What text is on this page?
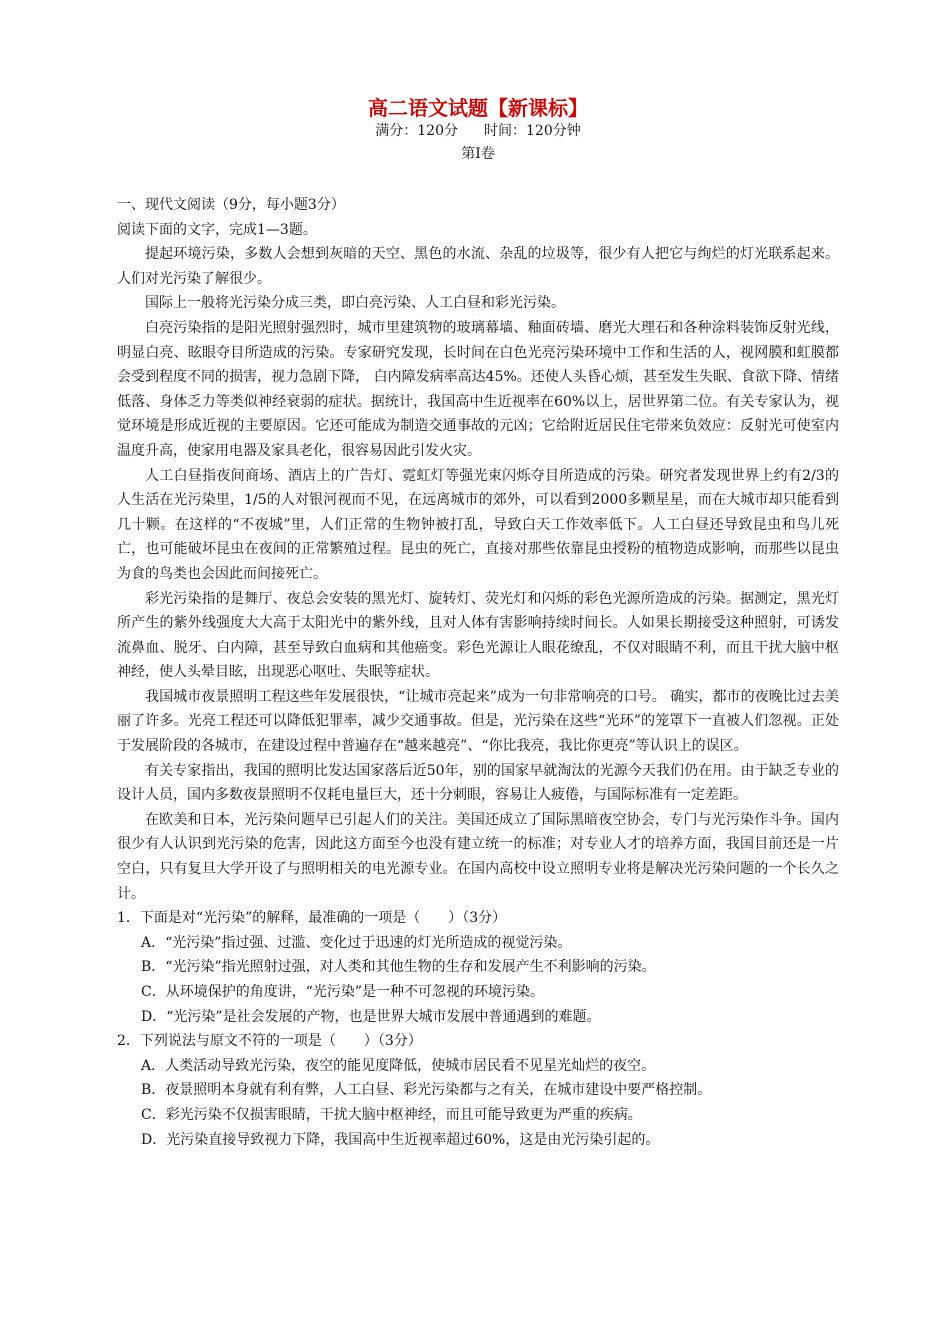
高二语文试题【新课标】

满分：120分 时间：120分钟

第Ⅰ卷

一、现代文阅读（9分，每小题3分）

阅读下面的文字，完成1—3题。

提起环境污染，多数人会想到灰暗的天空、黑色的水流、杂乱的垃圾等，很少有人把它与绚烂的灯光联系起来。人们对光污染了解很少。

国际上一般将光污染分成三类，即白亮污染、人工白昼和彩光污染。

白亮污染指的是阳光照射强烈时，城市里建筑物的玻璃幕墙、釉面砖墙、磨光大理石和各种涂料装饰反射光线，明显白亮、眩眼夺目所造成的污染。专家研究发现，长时间在白色光亮污染环境中工作和生活的人，视网膜和虹膜都会受到程度不同的损害，视力急剧下降， 白内障发病率高达45%。还使人头昏心烦，甚至发生失眠、食欲下降、情绪低落、身体乏力等类似神经衰弱的症状。据统计，我国高中生近视率在60%以上，居世界第二位。有关专家认为，视觉环境是形成近视的主要原因。它还可能成为制造交通事故的元凶；它给附近居民住宅带来负效应：反射光可使室内温度升高，使家用电器及家具老化，很容易因此引发火灾。

人工白昼指夜间商场、酒店上的广告灯、霓虹灯等强光束闪烁夺目所造成的污染。研究者发现世界上约有2/3的人生活在光污染里，1/5的人对银河视而不见，在远离城市的郊外，可以看到2000多颗星星，而在大城市却只能看到几十颗。在这样的“不夜城”里，人们正常的生物钟被打乱，导致白天工作效率低下。人工白昼还导致昆虫和鸟儿死亡，也可能破坏昆虫在夜间的正常繁殖过程。昆虫的死亡，直接对那些依靠昆虫授粉的植物造成影响，而那些以昆虫为食的鸟类也会因此而间接死亡。

彩光污染指的是舞厅、夜总会安装的黑光灯、旋转灯、荧光灯和闪烁的彩色光源所造成的污染。据测定，黑光灯所产生的紫外线强度大大高于太阳光中的紫外线，且对人体有害影响持续时间长。人如果长期接受这种照射，可诱发流鼻血、脱牙、白内障，甚至导致白血病和其他癌变。彩色光源让人眼花缭乱，不仅对眼睛不利，而且干扰大脑中枢神经，使人头晕目眩，出现恶心呕吐、失眠等症状。

我国城市夜景照明工程这些年发展很快，“让城市亮起来”成为一句非常响亮的口号。 确实，都市的夜晚比过去美丽了许多。光亮工程还可以降低犯罪率，减少交通事故。但是，光污染在这些“光环”的笼罩下一直被人们忽视。正处于发展阶段的各城市，在建设过程中普遍存在“越来越亮”、“你比我亮，我比你更亮”等认识上的误区。

有关专家指出，我国的照明比发达国家落后近50年，别的国家早就淘汰的光源今天我们仍在用。由于缺乏专业的设计人员，国内多数夜景照明不仅耗电量巨大，还十分刺眼，容易让人疲倦，与国际标准有一定差距。

在欧美和日本，光污染问题早已引起人们的关注。美国还成立了国际黑暗夜空协会，专门与光污染作斗争。国内很少有人认识到光污染的危害，因此这方面至今也没有建立统一的标准；对专业人才的培养方面，我国目前还是一片空白，只有复旦大学开设了与照明相关的电光源专业。在国内高校中设立照明专业将是解决光污染问题的一个长久之计。

1．下面是对“光污染”的解释，最准确的一项是（　　）（3分）

A．“光污染”指过强、过滥、变化过于迅速的灯光所造成的视觉污染。

B．“光污染”指光照射过强，对人类和其他生物的生存和发展产生不利影响的污染。

C．从环境保护的角度讲，“光污染”是一种不可忽视的环境污染。

D．“光污染”是社会发展的产物，也是世界大城市发展中普通遇到的难题。

2．下列说法与原文不符的一项是（　　）（3分）

A．人类活动导致光污染，夜空的能见度降低，使城市居民看不见星光灿烂的夜空。

B．夜景照明本身就有利有弊，人工白昼、彩光污染都与之有关，在城市建设中要严格控制。

C．彩光污染不仅损害眼睛，干扰大脑中枢神经，而且可能导致更为严重的疾病。

D．光污染直接导致视力下降，我国高中生近视率超过60%，这是由光污染引起的。
